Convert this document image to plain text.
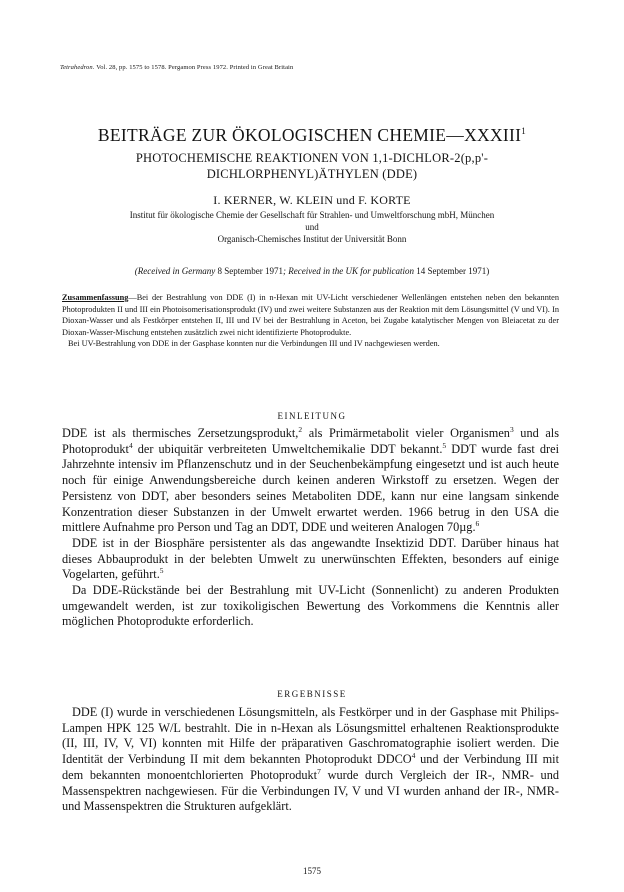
Tetrahedron. Vol. 28, pp. 1575 to 1578. Pergamon Press 1972. Printed in Great Britain
BEITRÄGE ZUR ÖKOLOGISCHEN CHEMIE—XXXIII$^1$
PHOTOCHEMISCHE REAKTIONEN VON 1,1-DICHLOR-2(p,p'-
DICHLORPHENYL)ÄTHYLEN (DDE)
I. KERNER, W. KLEIN und F. KORTE
Institut für ökologische Chemie der Gesellschaft für Strahlen- und Umweltforschung mbH, München
und
Organisch-Chemisches Institut der Universität Bonn
(Received in Germany 8 September 1971; Received in the UK for publication 14 September 1971)

Zusammenfassung—Bei der Bestrahlung von DDE (I) in n-Hexan mit UV-Licht verschiedener Wellenlängen entstehen neben den bekannten Photoprodukten II und III ein Photoisomerisationsprodukt (IV) und zwei weitere Substanzen aus der Reaktion mit dem Lösungsmittel (V und VI). In Dioxan-Wasser und als Festkörper entstehen II, III und IV bei der Bestrahlung in Aceton, bei Zugabe katalytischer Mengen von Bleiacetat zu der Dioxan-Wasser-Mischung entstehen zusätzlich zwei nicht identifizierte Photoprodukte.

Bei UV-Bestrahlung von DDE in der Gasphase konnten nur die Verbindungen III und IV nachgewiesen werden.

EINLEITUNG

DDE ist als thermisches Zersetzungsprodukt,$^2$ als Primärmetabolit vieler Organismen$^3$ und als Photoprodukt$^4$ der ubiquitär verbreiteten Umweltchemikalie DDT bekannt.$^5$ DDT wurde fast drei Jahrzehnte intensiv im Pflanzenschutz und in der Seuchenbekämpfung eingesetzt und ist auch heute noch für einige Anwendungsbereiche durch keinen anderen Wirkstoff zu ersetzen. Wegen der Persistenz von DDT, aber besonders seines Metaboliten DDE, kann nur eine langsam sinkende Konzentration dieser Substanzen in der Umwelt erwartet werden. 1966 betrug in den USA die mittlere Aufnahme pro Person und Tag an DDT, DDE und weiteren Analogen 70µg.$^6$

DDE ist in der Biosphäre persistenter als das angewandte Insektizid DDT. Darüber hinaus hat dieses Abbauprodukt in der belebten Umwelt zu unerwünschten Effekten, besonders auf einige Vogelarten, geführt.$^5$

Da DDE-Rückstände bei der Bestrahlung mit UV-Licht (Sonnenlicht) zu anderen Produkten umgewandelt werden, ist zur toxikoligischen Bewertung des Vorkommens die Kenntnis aller möglichen Photoprodukte erforderlich.

ERGEBNISSE

DDE (I) wurde in verschiedenen Lösungsmitteln, als Festkörper und in der Gasphase mit Philips-Lampen HPK 125 W/L bestrahlt. Die in n-Hexan als Lösungsmittel erhaltenen Reaktionsprodukte (II, III, IV, V, VI) konnten mit Hilfe der präparativen Gaschromatographie isoliert werden. Die Identität der Verbindung II mit dem bekannten Photoprodukt DDCO$^4$ und der Verbindung III mit dem bekannten monoentchlorierten Photoprodukt$^7$ wurde durch Vergleich der IR-, NMR- und Massenspektren nachgewiesen. Für die Verbindungen IV, V und VI wurden anhand der IR-, NMR- und Massenspektren die Strukturen aufgeklärt.

1575
